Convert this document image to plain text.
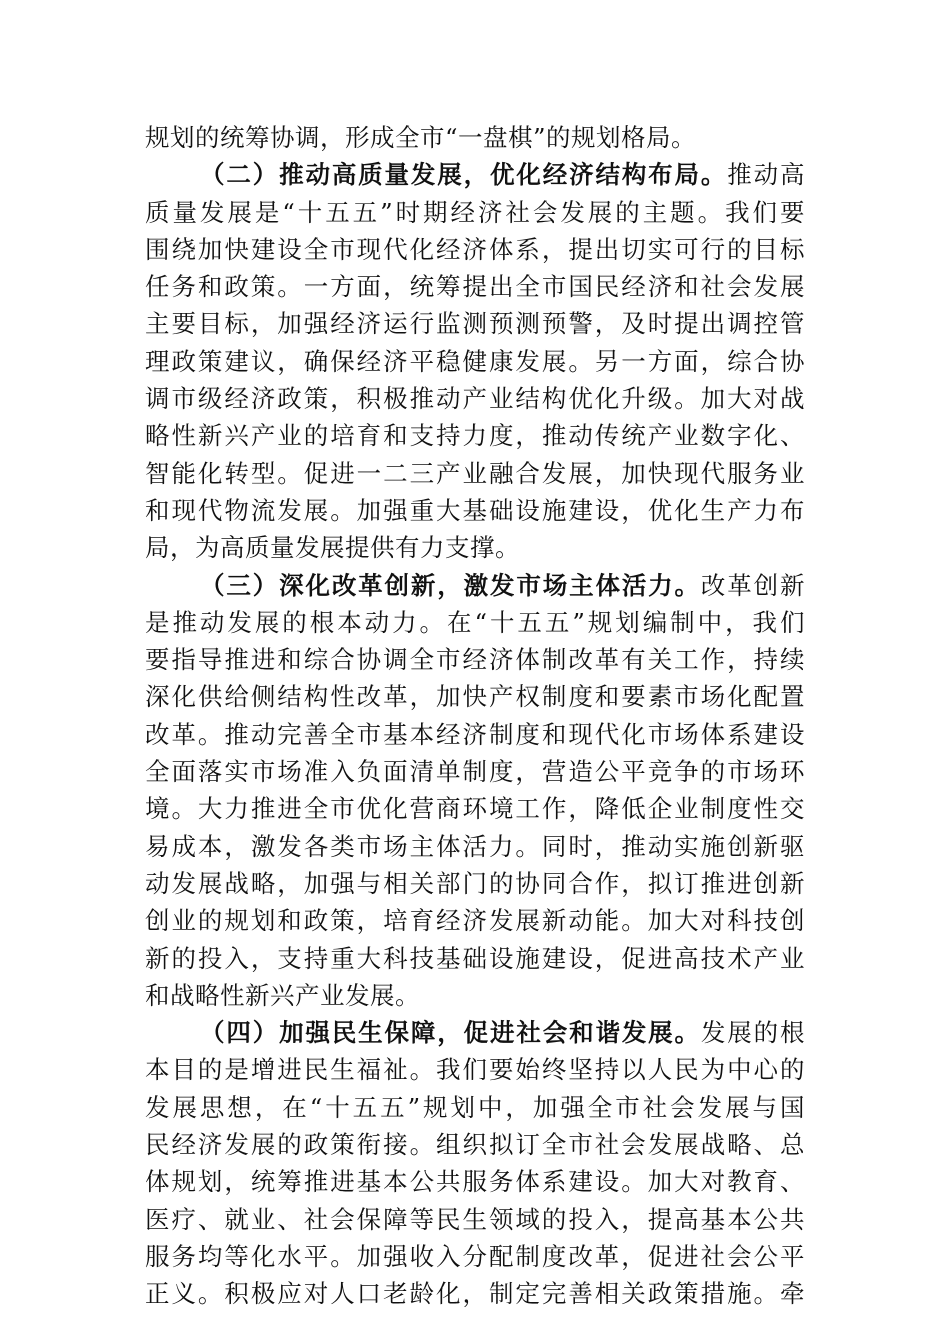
规划的统筹协调，形成全市“一盘棋”的规划格局。
（二）推动高质量发展，优化经济结构布局。推动高
质量发展是“十五五”时期经济社会发展的主题。我们要
围绕加快建设全市现代化经济体系，提出切实可行的目标
任务和政策。一方面，统筹提出全市国民经济和社会发展
主要目标，加强经济运行监测预测预警，及时提出调控管
理政策建议，确保经济平稳健康发展。另一方面，综合协
调市级经济政策，积极推动产业结构优化升级。加大对战
略性新兴产业的培育和支持力度，推动传统产业数字化、
智能化转型。促进一二三产业融合发展，加快现代服务业
和现代物流发展。加强重大基础设施建设，优化生产力布
局，为高质量发展提供有力支撑。
（三）深化改革创新，激发市场主体活力。改革创新
是推动发展的根本动力。在“十五五”规划编制中，我们
要指导推进和综合协调全市经济体制改革有关工作，持续
深化供给侧结构性改革，加快产权制度和要素市场化配置
改革。推动完善全市基本经济制度和现代化市场体系建设
全面落实市场准入负面清单制度，营造公平竞争的市场环
境。大力推进全市优化营商环境工作，降低企业制度性交
易成本，激发各类市场主体活力。同时，推动实施创新驱
动发展战略，加强与相关部门的协同合作，拟订推进创新
创业的规划和政策，培育经济发展新动能。加大对科技创
新的投入，支持重大科技基础设施建设，促进高技术产业
和战略性新兴产业发展。
（四）加强民生保障，促进社会和谐发展。发展的根
本目的是增进民生福祉。我们要始终坚持以人民为中心的
发展思想，在“十五五”规划中，加强全市社会发展与国
民经济发展的政策衔接。组织拟订全市社会发展战略、总
体规划，统筹推进基本公共服务体系建设。加大对教育、
医疗、就业、社会保障等民生领域的投入，提高基本公共
服务均等化水平。加强收入分配制度改革，促进社会公平
正义。积极应对人口老龄化，制定完善相关政策措施。牵
